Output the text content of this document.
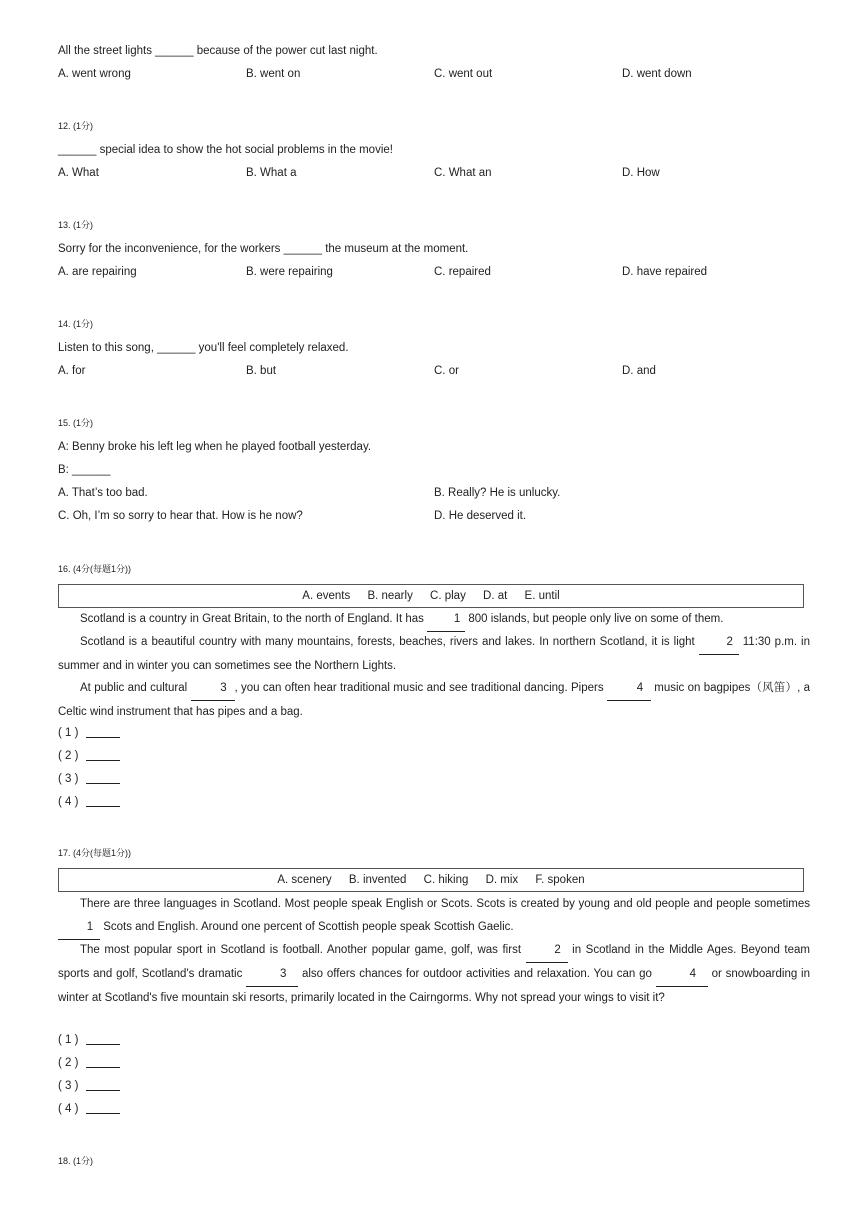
All the street lights ______ because of the power cut last night.
A. went wrong	B. went on	C. went out	D. went down
12. (1分)
______ special idea to show the hot social problems in the movie!
A. What	B. What a	C. What an	D. How
13. (1分)
Sorry for the inconvenience, for the workers ______ the museum at the moment.
A. are repairing	B. were repairing	C. repaired	D. have repaired
14. (1分)
Listen to this song, ______ you'll feel completely relaxed.
A. for	B. but	C. or	D. and
15. (1分)
A: Benny broke his left leg when he played football yesterday.
B: ______
A. That’s too bad.	B. Really? He is unlucky.
C. Oh, I’m so sorry to hear that. How is he now?	D. He deserved it.
16. (4分(每题1分))
A. events B. nearly C. play D. at E. until
Scotland is a country in Great Britain, to the north of England. It has 1 800 islands, but people only live on some of them.
Scotland is a beautiful country with many mountains, forests, beaches, rivers and lakes. In northern Scotland, it is light 2 11:30 p.m. in summer and in winter you can sometimes see the Northern Lights.
At public and cultural	3 , you can often hear traditional music and see traditional dancing. Pipers	4 music on bagpipes（风笛）, a Celtic wind instrument that has pipes and a bag.
( 1 )
( 2 )
( 3 )
( 4 )
17. (4分(每题1分))
A. scenery B. invented C. hiking D. mix F. spoken
There are three languages in Scotland. Most people speak English or Scots. Scots is created by young and old people and people sometimes 1 Scots and English. Around one percent of Scottish people speak Scottish Gaelic.
The most popular sport in Scotland is football. Another popular game, golf, was first	2 in Scotland in the Middle Ages. Beyond team sports and golf, Scotland's dramatic	3 also offers chances for outdoor activities and relaxation. You can go	4 or snowboarding in winter at Scotland's five mountain ski resorts, primarily located in the Cairngorms. Why not spread your wings to visit it?
( 1 )
( 2 )
( 3 )
( 4 )
18. (1分)
